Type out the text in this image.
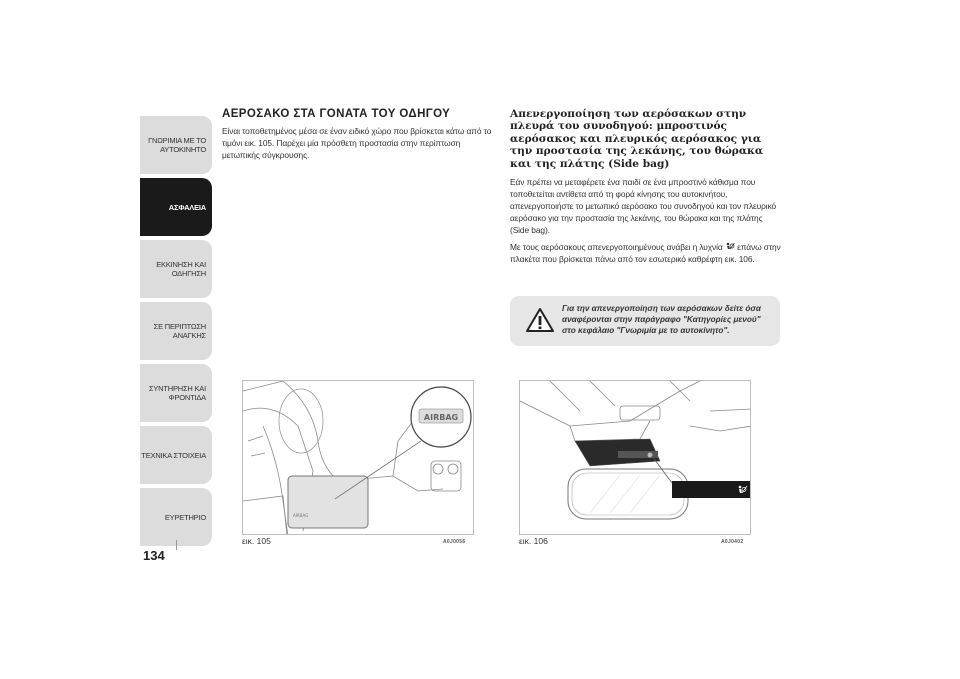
ΓΝΩΡΙΜΙΑ ΜΕ ΤΟ ΑΥΤΟΚΙΝΗΤΟ
ΑΣΦΑΛΕΙΑ
ΕΚΚΙΝΗΣΗ ΚΑΙ ΟΔΗΓΗΣΗ
ΣΕ ΠΕΡΙΠΤΩΣΗ ΑΝΑΓΚΗΣ
ΣΥΝΤΗΡΗΣΗ ΚΑΙ ΦΡΟΝΤΙΔΑ
ΤΕΧΝΙΚΑ ΣΤΟΙΧΕΙΑ
ΕΥΡΕΤΗΡΙΟ
134
ΑΕΡΟΣΑΚΟ ΣΤΑ ΓΟΝΑΤΑ ΤΟΥ ΟΔΗΓΟΥ

Είναι τοποθετημένος μέσα σε έναν ειδικό χώρο που βρίσκεται κάτω από το τιμόνι εικ. 105. Παρέχει μία πρόσθετη προστασία στην περίπτωση μετωπικής σύγκρουσης.

Απενεργοποίηση των αερόσακων στην πλευρά του συνοδηγού: μπροστινός αερόσακος και πλευρικός αερόσακος για την προστασία της λεκάνης, του θώρακα και της πλάτης (Side bag)

Εάν πρέπει να μεταφέρετε ένα παιδί σε ένα μπροστινό κάθισμα που τοποθετείται αντίθετα από τη φορά κίνησης του αυτοκινήτου, απενεργοποιήστε το μετωπικό αερόσακο του συνοδηγού και τον πλευρικό αερόσακο για την προστασία της λεκάνης, του θώρακα και της πλάτης (Side bag).

Με τους αερόσακους απενεργοποιημένους ανάβει η λυχνία επάνω στην πλακέτα που βρίσκεται πάνω από τον εσωτερικό καθρέφτη εικ. 106.

Για την απενεργοποίηση των αερόσακων δείτε όσα αναφέρονται στην παράγραφο "Κατηγορίες μενού" στο κεφάλαιο "Γνωριμία με το αυτοκίνητο".
AIRBAG
AIRBAG
εικ. 105	A0J0056	εικ. 106	A0J0402
